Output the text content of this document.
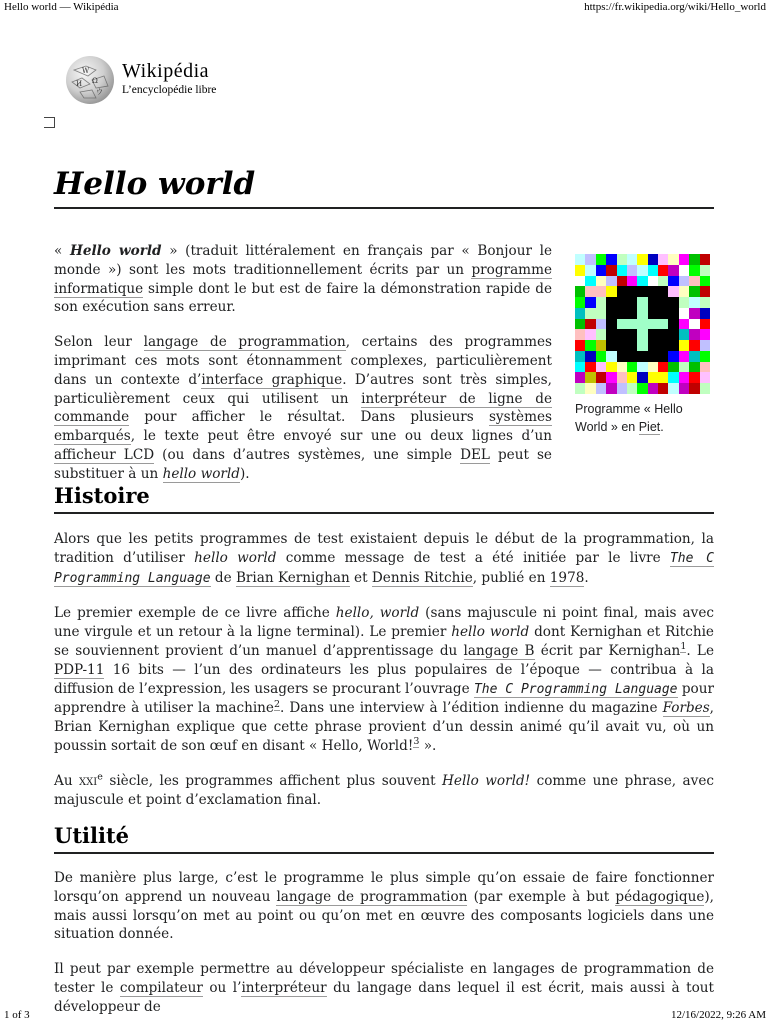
Hello world — Wikipédia	https://fr.wikipedia.org/wiki/Hello_world
W
Ω
И
ウ
Wikipédia
L’encyclopédie libre
Hello world

« Hello world » (traduit littéralement en français par « Bonjour le monde ») sont les mots traditionnellement écrits par un programme informatique simple dont le but est de faire la démonstration rapide de son exécution sans erreur.

Selon leur langage de programmation, certains des programmes imprimant ces mots sont étonnamment complexes, particulièrement dans un contexte d’interface graphique. D’autres sont très simples, particulièrement ceux qui utilisent un interpréteur de ligne de commande pour afficher le résultat. Dans plusieurs systèmes embarqués, le texte peut être envoyé sur une ou deux lignes d’un afficheur LCD (ou dans d’autres systèmes, une simple DEL peut se substituer à un hello world).

Programme « Hello World » en Piet.
Histoire

Alors que les petits programmes de test existaient depuis le début de la programmation, la tradition d’utiliser hello world comme message de test a été initiée par le livre The C Programming Language de Brian Kernighan et Dennis Ritchie, publié en 1978.

Le premier exemple de ce livre affiche hello, world (sans majuscule ni point final, mais avec une virgule et un retour à la ligne terminal). Le premier hello world dont Kernighan et Ritchie se souviennent provient d’un manuel d’apprentissage du langage B écrit par Kernighan$^1$. Le PDP-11 16 bits — l’un des ordinateurs les plus populaires de l’époque — contribua à la diffusion de l’expression, les usagers se procurant l’ouvrage The C Programming Language pour apprendre à utiliser la machine$^2$. Dans une interview à l’édition indienne du magazine Forbes, Brian Kernighan explique que cette phrase provient d’un dessin animé qu’il avait vu, où un poussin sortait de son œuf en disant « Hello, World!$^3$ ».

Au xxi$^e$ siècle, les programmes affichent plus souvent Hello world! comme une phrase, avec majuscule et point d’exclamation final.

Utilité

De manière plus large, c’est le programme le plus simple qu’on essaie de faire fonctionner lorsqu’on apprend un nouveau langage de programmation (par exemple à but pédagogique), mais aussi lorsqu’on met au point ou qu’on met en œuvre des composants logiciels dans une situation donnée.

Il peut par exemple permettre au développeur spécialiste en langages de programmation de tester le compilateur ou l’interpréteur du langage dans lequel il est écrit, mais aussi à tout développeur de

1 of 3	12/16/2022, 9:26 AM
